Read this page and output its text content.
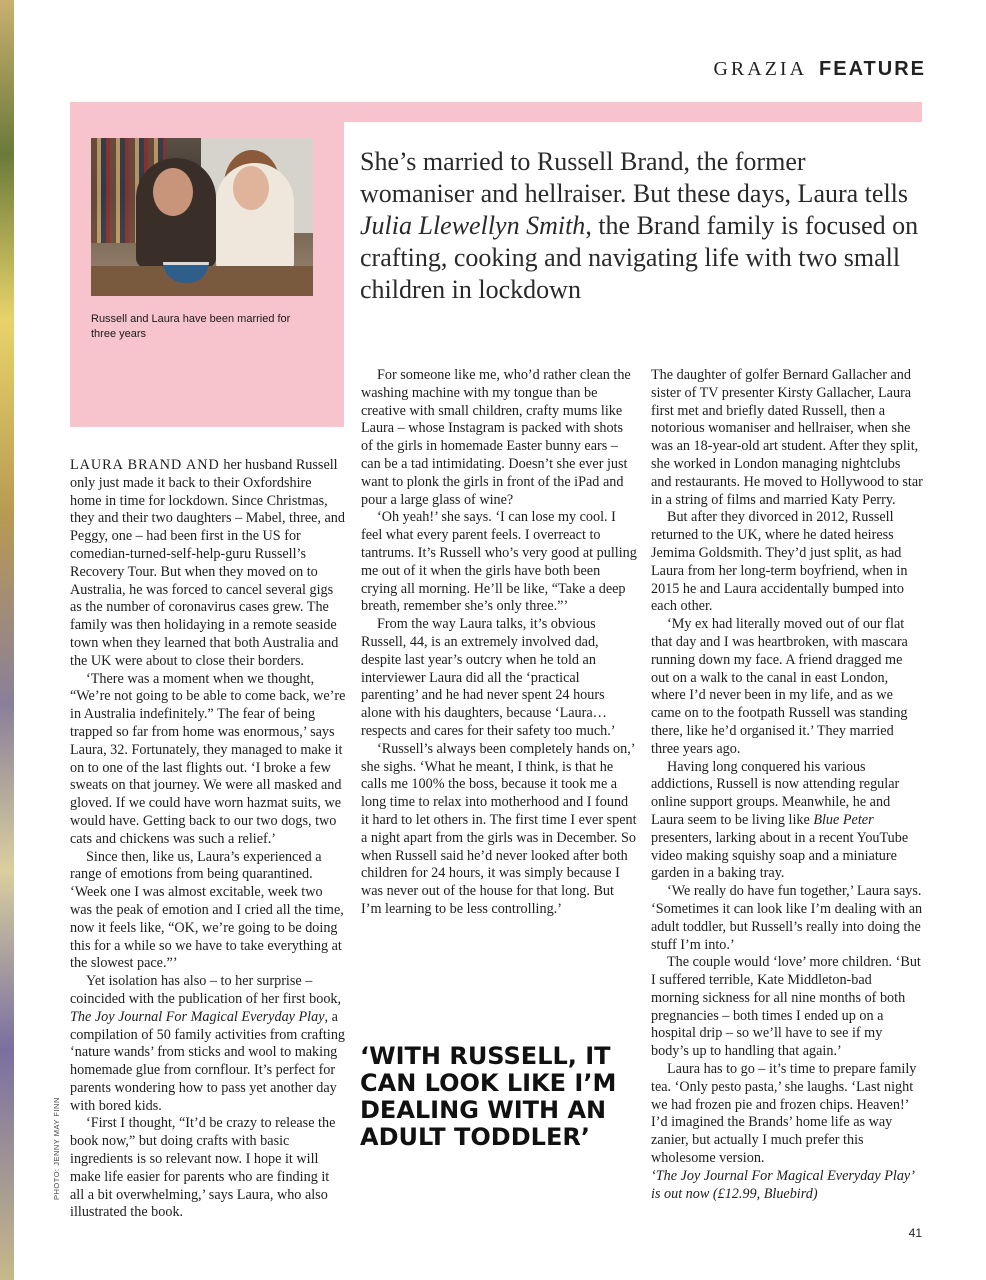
GRAZIA FEATURE
Russell and Laura have been married for three years
She’s married to Russell Brand, the former womaniser and hellraiser. But these days, Laura tells Julia Llewellyn Smith, the Brand family is focused on crafting, cooking and navigating life with two small children in lockdown

LAURA BRAND AND her husband Russell only just made it back to their Oxfordshire home in time for lockdown. Since Christmas, they and their two daughters – Mabel, three, and Peggy, one – had been first in the US for comedian-turned-self-help-guru Russell’s Recovery Tour. But when they moved on to Australia, he was forced to cancel several gigs as the number of coronavirus cases grew. The family was then holidaying in a remote seaside town when they learned that both Australia and the UK were about to close their borders.

‘There was a moment when we thought, “We’re not going to be able to come back, we’re in Australia indefinitely.” The fear of being trapped so far from home was enormous,’ says Laura, 32. Fortunately, they managed to make it on to one of the last flights out. ‘I broke a few sweats on that journey. We were all masked and gloved. If we could have worn hazmat suits, we would have. Getting back to our two dogs, two cats and chickens was such a relief.’

Since then, like us, Laura’s experienced a range of emotions from being quarantined. ‘Week one I was almost excitable, week two was the peak of emotion and I cried all the time, now it feels like, “OK, we’re going to be doing this for a while so we have to take everything at the slowest pace.”’

Yet isolation has also – to her surprise – coincided with the publication of her first book, The Joy Journal For Magical Everyday Play, a compilation of 50 family activities from crafting ‘nature wands’ from sticks and wool to making homemade glue from cornflour. It’s perfect for parents wondering how to pass yet another day with bored kids.

‘First I thought, “It’d be crazy to release the book now,” but doing crafts with basic ingredients is so relevant now. I hope it will make life easier for parents who are finding it all a bit overwhelming,’ says Laura, who also illustrated the book.

For someone like me, who’d rather clean the washing machine with my tongue than be creative with small children, crafty mums like Laura – whose Instagram is packed with shots of the girls in homemade Easter bunny ears – can be a tad intimidating. Doesn’t she ever just want to plonk the girls in front of the iPad and pour a large glass of wine?

‘Oh yeah!’ she says. ‘I can lose my cool. I feel what every parent feels. I overreact to tantrums. It’s Russell who’s very good at pulling me out of it when the girls have both been crying all morning. He’ll be like, “Take a deep breath, remember she’s only three.”’

From the way Laura talks, it’s obvious Russell, 44, is an extremely involved dad, despite last year’s outcry when he told an interviewer Laura did all the ‘practical parenting’ and he had never spent 24 hours alone with his daughters, because ‘Laura… respects and cares for their safety too much.’

‘Russell’s always been completely hands on,’ she sighs. ‘What he meant, I think, is that he calls me 100% the boss, because it took me a long time to relax into motherhood and I found it hard to let others in. The first time I ever spent a night apart from the girls was in December. So when Russell said he’d never looked after both children for 24 hours, it was simply because I was never out of the house for that long. But I’m learning to be less controlling.’

The daughter of golfer Bernard Gallacher and sister of TV presenter Kirsty Gallacher, Laura first met and briefly dated Russell, then a notorious womaniser and hellraiser, when she was an 18-year-old art student. After they split, she worked in London managing nightclubs and restaurants. He moved to Hollywood to star in a string of films and married Katy Perry.

But after they divorced in 2012, Russell returned to the UK, where he dated heiress Jemima Goldsmith. They’d just split, as had Laura from her long-term boyfriend, when in 2015 he and Laura accidentally bumped into each other.

‘My ex had literally moved out of our flat that day and I was heartbroken, with mascara running down my face. A friend dragged me out on a walk to the canal in east London, where I’d never been in my life, and as we came on to the footpath Russell was standing there, like he’d organised it.’ They married three years ago.

Having long conquered his various addictions, Russell is now attending regular online support groups. Meanwhile, he and Laura seem to be living like Blue Peter presenters, larking about in a recent YouTube video making squishy soap and a miniature garden in a baking tray.

‘We really do have fun together,’ Laura says. ‘Sometimes it can look like I’m dealing with an adult toddler, but Russell’s really into doing the stuff I’m into.’

The couple would ‘love’ more children. ‘But I suffered terrible, Kate Middleton-bad morning sickness for all nine months of both pregnancies – both times I ended up on a hospital drip – so we’ll have to see if my body’s up to handling that again.’

Laura has to go – it’s time to prepare family tea. ‘Only pesto pasta,’ she laughs. ‘Last night we had frozen pie and frozen chips. Heaven!’ I’d imagined the Brands’ home life as way zanier, but actually I much prefer this wholesome version.

‘The Joy Journal For Magical Everyday Play’ is out now (£12.99, Bluebird)

‘WITH RUSSELL, IT CAN LOOK LIKE I’M DEALING WITH AN ADULT TODDLER’
PHOTO: JENNY MAY FINN
41
